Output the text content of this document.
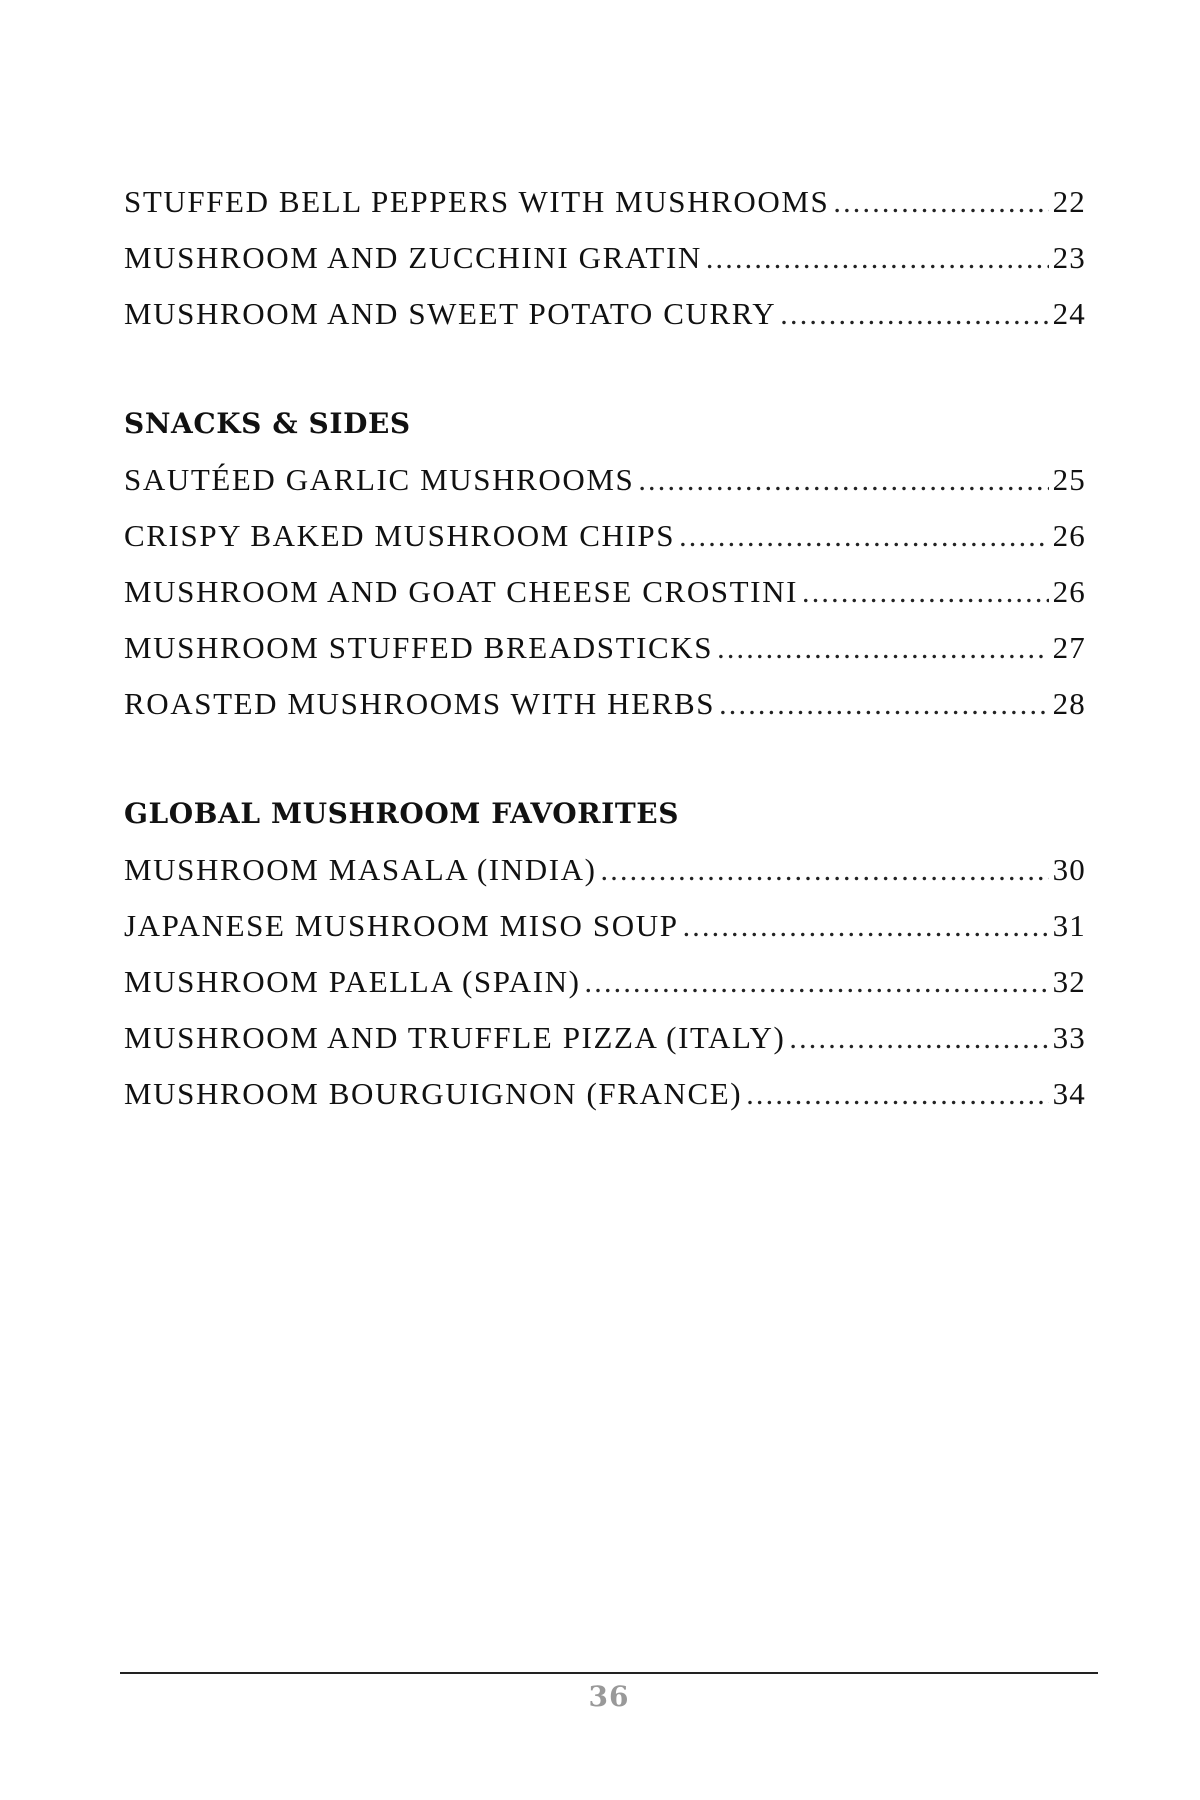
STUFFED BELL PEPPERS WITH MUSHROOMS .....	22
MUSHROOM AND ZUCCHINI GRATIN .....	23
MUSHROOM AND SWEET POTATO CURRY .....	24
SNACKS & SIDES
SAUTÉED GARLIC MUSHROOMS .....	25
CRISPY BAKED MUSHROOM CHIPS .....	26
MUSHROOM AND GOAT CHEESE CROSTINI .....	26
MUSHROOM STUFFED BREADSTICKS .....	27
ROASTED MUSHROOMS WITH HERBS .....	28
GLOBAL MUSHROOM FAVORITES
MUSHROOM MASALA (INDIA) .....	30
JAPANESE MUSHROOM MISO SOUP .....	31
MUSHROOM PAELLA (SPAIN) .....	32
MUSHROOM AND TRUFFLE PIZZA (ITALY) .....	33
MUSHROOM BOURGUIGNON (FRANCE) .....	34
36
